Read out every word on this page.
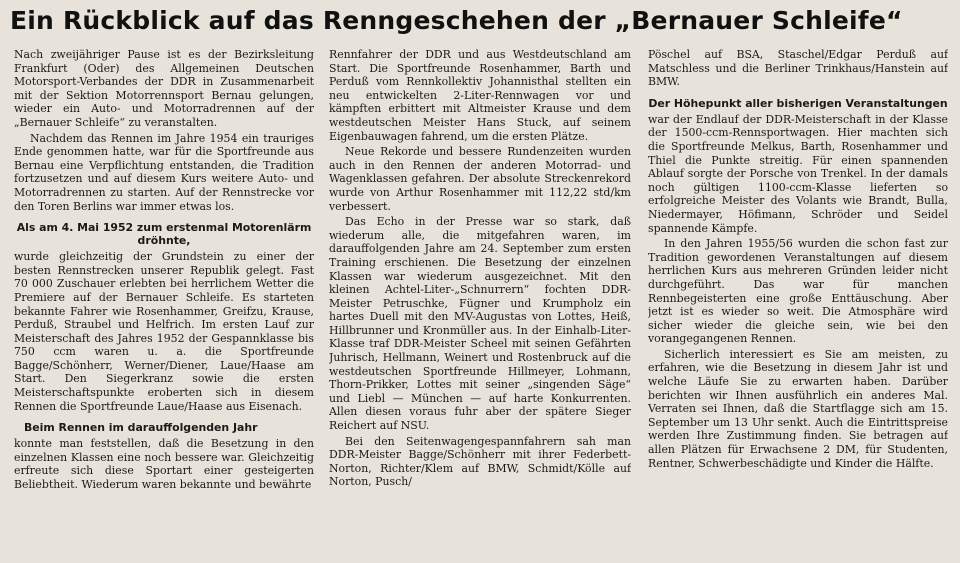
Ein Rückblick auf das Renngeschehen der „Bernauer Schleife“

Nach zweijähriger Pause ist es der Bezirksleitung Frankfurt (Oder) des Allgemeinen Deutschen Motorsport-Verbandes der DDR in Zusammenarbeit mit der Sektion Motorrennsport Bernau gelungen, wieder ein Auto- und Motorradrennen auf der „Bernauer Schleife“ zu veranstalten.

Nachdem das Rennen im Jahre 1954 ein trauriges Ende genommen hatte, war für die Sportfreunde aus Bernau eine Verpflichtung entstanden, die Tradition fortzusetzen und auf diesem Kurs weitere Auto- und Motorradrennen zu starten. Auf der Rennstrecke vor den Toren Berlins war immer etwas los.

Als am 4. Mai 1952 zum erstenmal Motorenlärm dröhnte,

wurde gleichzeitig der Grundstein zu einer der besten Rennstrecken unserer Republik gelegt. Fast 70 000 Zuschauer erlebten bei herrlichem Wetter die Premiere auf der Bernauer Schleife. Es starteten bekannte Fahrer wie Rosenhammer, Greifzu, Krause, Perduß, Straubel und Helfrich. Im ersten Lauf zur Meisterschaft des Jahres 1952 der Gespannklasse bis 750 ccm waren u. a. die Sportfreunde Bagge/Schönherr, Werner/Diener, Laue/Haase am Start. Den Siegerkranz sowie die ersten Meisterschaftspunkte eroberten sich in diesem Rennen die Sportfreunde Laue/Haase aus Eisenach.

Beim Rennen im darauffolgenden Jahr

konnte man feststellen, daß die Besetzung in den einzelnen Klassen eine noch bessere war. Gleichzeitig erfreute sich diese Sportart einer gesteigerten Beliebtheit. Wiederum waren bekannte und bewährte

Rennfahrer der DDR und aus Westdeutschland am Start. Die Sportfreunde Rosenhammer, Barth und Perduß vom Rennkollektiv Johannisthal stellten ein neu entwickelten 2-Liter-Rennwagen vor und kämpften erbittert mit Altmeister Krause und dem westdeutschen Meister Hans Stuck, auf seinem Eigenbauwagen fahrend, um die ersten Plätze.

Neue Rekorde und bessere Rundenzeiten wurden auch in den Rennen der anderen Motorrad- und Wagenklassen gefahren. Der absolute Streckenrekord wurde von Arthur Rosenhammer mit 112,22 std/km verbessert.

Das Echo in der Presse war so stark, daß wiederum alle, die mitgefahren waren, im darauffolgenden Jahre am 24. September zum ersten Training erschienen. Die Besetzung der einzelnen Klassen war wiederum ausgezeichnet. Mit den kleinen Achtel-Liter-„Schnurrern“ fochten DDR-Meister Petruschke, Fügner und Krumpholz ein hartes Duell mit den MV-Augustas von Lottes, Heiß, Hillbrunner und Kronmüller aus. In der Einhalb-Liter-Klasse traf DDR-Meister Scheel mit seinen Gefährten Juhrisch, Hellmann, Weinert und Rostenbruck auf die westdeutschen Sportfreunde Hillmeyer, Lohmann, Thorn-Prikker, Lottes mit seiner „singenden Säge“ und Liebl — München — auf harte Konkurrenten. Allen diesen voraus fuhr aber der spätere Sieger Reichert auf NSU.

Bei den Seitenwagengespannfahrern sah man DDR-Meister Bagge/Schönherr mit ihrer Federbett-Norton, Richter/Klem auf BMW, Schmidt/Kölle auf Norton, Pusch/

Pöschel auf BSA, Staschel/Edgar Perduß auf Matschless und die Berliner Trinkhaus/Hanstein auf BMW.

Der Höhepunkt aller bisherigen Veranstaltungen

war der Endlauf der DDR-Meisterschaft in der Klasse der 1500-ccm-Rennsportwagen. Hier machten sich die Sportfreunde Melkus, Barth, Rosenhammer und Thiel die Punkte streitig. Für einen spannenden Ablauf sorgte der Porsche von Trenkel. In der damals noch gültigen 1100-ccm-Klasse lieferten so erfolgreiche Meister des Volants wie Brandt, Bulla, Niedermayer, Höfimann, Schröder und Seidel spannende Kämpfe.

In den Jahren 1955/56 wurden die schon fast zur Tradition gewordenen Veranstaltungen auf diesem herrlichen Kurs aus mehreren Gründen leider nicht durchgeführt. Das war für manchen Rennbegeisterten eine große Enttäuschung. Aber jetzt ist es wieder so weit. Die Atmosphäre wird sicher wieder die gleiche sein, wie bei den vorangegangenen Rennen.

Sicherlich interessiert es Sie am meisten, zu erfahren, wie die Besetzung in diesem Jahr ist und welche Läufe Sie zu erwarten haben. Darüber berichten wir Ihnen ausführlich ein anderes Mal. Verraten sei Ihnen, daß die Startflagge sich am 15. September um 13 Uhr senkt. Auch die Eintrittspreise werden Ihre Zustimmung finden. Sie betragen auf allen Plätzen für Erwachsene 2 DM, für Studenten, Rentner, Schwerbeschädigte und Kinder die Hälfte.
